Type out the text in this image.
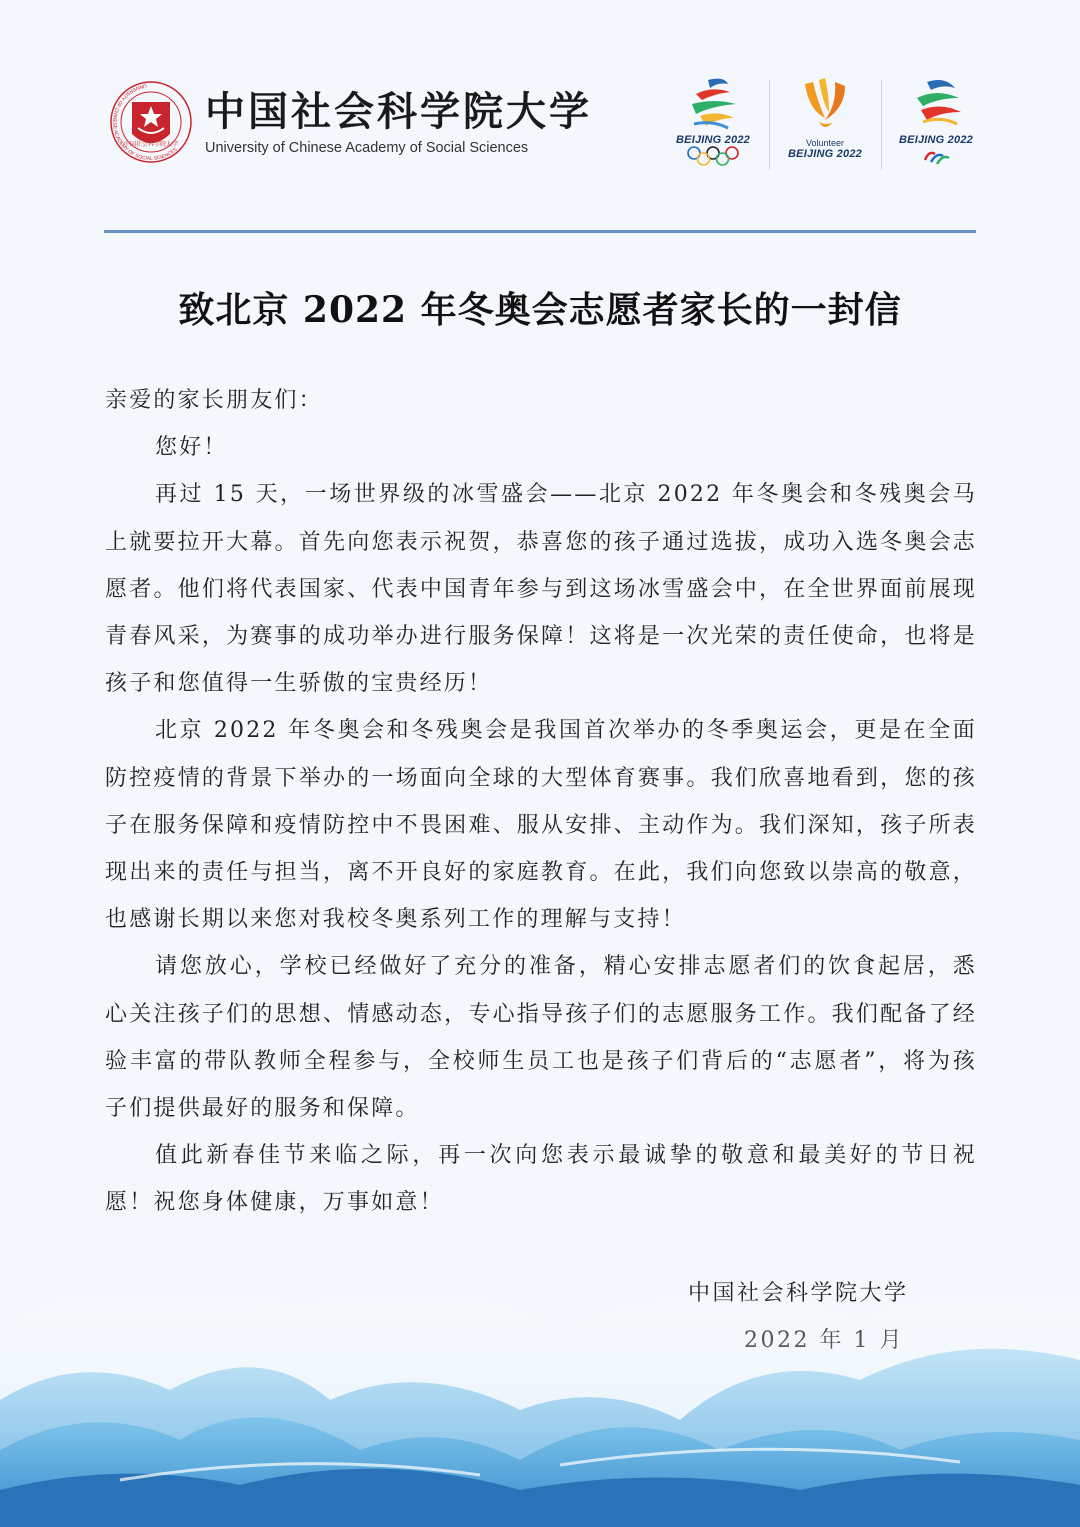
中国社会科学院大学
UNIVERSITY OF CHINESE ACADEMY OF SOCIAL SCIENCES
中国社会科学院大学
University of Chinese Academy of Social Sciences	BEIJING 2022	Volunteer
BEIJING 2022
BEIJING 2022
致北京 2022 年冬奥会志愿者家长的一封信

亲爱的家长朋友们：

您好！

再过 15 天，一场世界级的冰雪盛会——北京 2022 年冬奥会和冬残奥会马上就要拉开大幕。首先向您表示祝贺，恭喜您的孩子通过选拔，成功入选冬奥会志愿者。他们将代表国家、代表中国青年参与到这场冰雪盛会中，在全世界面前展现青春风采，为赛事的成功举办进行服务保障！这将是一次光荣的责任使命，也将是孩子和您值得一生骄傲的宝贵经历！

北京 2022 年冬奥会和冬残奥会是我国首次举办的冬季奥运会，更是在全面防控疫情的背景下举办的一场面向全球的大型体育赛事。我们欣喜地看到，您的孩子在服务保障和疫情防控中不畏困难、服从安排、主动作为。我们深知，孩子所表现出来的责任与担当，离不开良好的家庭教育。在此，我们向您致以崇高的敬意，也感谢长期以来您对我校冬奥系列工作的理解与支持！

请您放心，学校已经做好了充分的准备，精心安排志愿者们的饮食起居，悉心关注孩子们的思想、情感动态，专心指导孩子们的志愿服务工作。我们配备了经验丰富的带队教师全程参与，全校师生员工也是孩子们背后的“志愿者”，将为孩子们提供最好的服务和保障。

值此新春佳节来临之际，再一次向您表示最诚挚的敬意和最美好的节日祝愿！祝您身体健康，万事如意！

中国社会科学院大学
